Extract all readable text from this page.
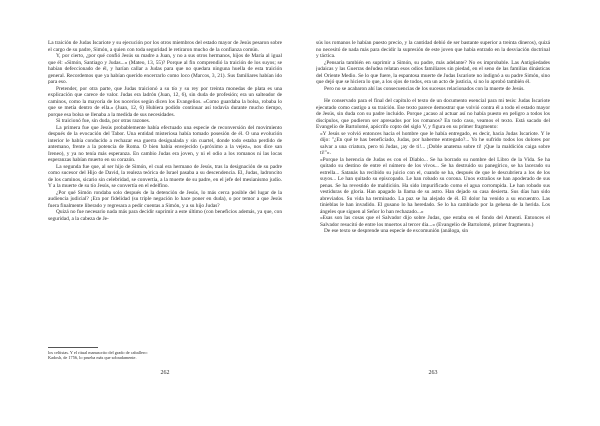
La traición de Judas Iscariote y su ejecución por los otros miembros del estado mayor de Jesús pesaron sobre el cargo de su padre, Simón, a quien con toda seguridad le retiraron mucho de la confianza común.

Y, por cierto, ¿por qué confió Jesús su madre a Juan, y no a sus otros hermanos, hijos de María al igual que él: «Simón, Santiago y Judas...» (Mateo, 13, 55)? Porque al fin comprendió la traición de los suyos; se habían defeccionado de él, y harían callar a Judas para que no quedara ninguna huella de esta traición general. Recordemos que ya habían querido encerrarlo como loco (Marcos, 3, 21). Sus familiares habían ido para eso.

Pretender, por otra parte, que Judas traicionó a su tío y su rey por treinta monedas de plata es una explicación que carece de valor. Judas era ladrón (Juan, 12, 6), sin duda de profesión; era un salteador de caminos, como la mayoría de los nocerios según dicen los Evangelios. «Como guardaba la bolsa, robaba lo que se metía dentro de ella.» (Juan, 12, 6) Hubiera podido continuar así todavía durante mucho tiempo, porque esa bolsa se llenaba a la medida de sus necesidades.

Si traicionó fue, sin duda, por otras razones.

La primera fue que Jesús probablemente había efectuado una especie de reconversión del movimiento después de la evocación del Tabor. Una entidad misteriosa había tomado posesión de él. O una evolución interior le había conducido a rechazar esa guerra desigualada y sin cuartel, donde todo estaba perdido de antemano, frente a la potencia de Roma. O bien había envejecido («próximo a la vejez», nos dice san Ireneo), y ya no tenía más esperanza. En cambio Judas era joven, y ni el odio a los romanos ni las locas esperanzas habían muerto en su corazón.

La segunda fue que, al ser hijo de Simón, el cual era hermano de Jesús, tras la designación de su padre como sucesor del Hijo de David, la realeza teórica de Israel pasaba a su descendencia. El, Judas, ladroncito de los caminos, sicario sin celebridad, se convertía, a la muerte de su padre, en el jefe del mesianismo judío. Y a la muerte de su tío Jesús, se convertía en el edelfino.

¿Por qué Simón rondaba solo después de la detención de Jesús, lo más cerca posible del lugar de la audiencia judicial? ¡Era por fidelidad (su triple negación lo hace poner en duda), o por temor a que Jesús fuera finalmente liberado y regresara a pedir cuentas a Simón, y a su hijo Judas?

Quizá no fue necesario nada más para decidir suprimir a este último (con beneficios además, ya que, con seguridad, a la cabeza de Je-

los celtistas. Y el ritual manuscrito del grado de caballero:
Kadosh, de 1756, lo prueba más que sobradamente.
262

sús los romanos le habían puesto precio, y la cantidad debió de ser bastante superior a treinta dineros), quizá no necesitó de nada más para decidir la supresión de este joven que había entrado en la desviación doctrinal y táctica.

¿Pensaría también en suprimir a Simón, su padre, más adelante? No es improbable. Las Antigüedades judaicas y las Guerras deJudea relatan esos odios familiares sin piedad, en el seno de las familias dinásticas del Oriente Medio. Se lo que fuere, la espantosa muerte de Judas Iscariote no indignó a su padre Simón, sino que dejó que se hiciera lo que, a los ojos de todos, era un acto de justicia, si no lo aprobó también él.

Pero no se acabaron ahí las consecuencias de los sucesos relacionados con la muerte de Jesús.

He conservado para el final del capítulo el texto de un documento esencial para mi tesis: Judas Iscariote ejecutado como castigo a su traición. Ese texto parece demostrar que volvió contra él a todo el estado mayor de Jesús, sin duda con su padre incluido. Porque ¿acaso al actuar así no había puesto en peligro a todos los discípulos, que pudieron ser apresados por los romanos? En todo caso, veamos el texto. Está sacado del Evangelio de Bartolomé, apócrifo copto del siglo V, y figura en su primer fragmento:

«Y Jesús se volvió entonces hacia el hombre que le había entregado, es decir, hacia Judas Iscariote. Y le dijo: "¿En qué te has beneficiado, Judas, por haberme entregado?... Yo he sufrido todos los dolores por salvar a una criatura, pero tú Judas, ¡ay de ti!... ¡Doble anatema sobre ti! ¡Que la maldición caiga sobre ti!"».

«Porque la herencia de Judas es con el Diablo... Se ha borrado su nombre del Libro de la Vida. Se ha quitado su destino de entre el número de los vivos... Se ha destruido su panegírico, se ha lacerado su estrella... Satanás ha recibido su juicio con el, cuando se ha, después de que le descubriera a los de los suyos... Le han quitado su episcopado. Le han robado su corona. Unos extraños se han apoderado de sus penas. Se ha revestido de maldición. Ha sido impurificado como el agua corrompida. Le han robado sus vestiduras de gloria. Han apagado la llama de su astro. Han dejado su casa desierta. Sus días han sido abreviados. Su vida ha terminado. La paz se ha alejado de él. El dolor ha venido a su encuentro. Las tinieblas le han invadido. El gusano lo ha heredado. Se lo ha cambiado por la gehena de la herida. Los ángeles que siguen al Señor lo han rechazado...»

«Esas son las cosas que el Salvador dijo sobre Judas, que estaba en el fondo del Amenti. Entonces el Salvador resucitó de entre los muertos al tercer día...» (Evangelio de Bartolomé, primer fragmento.)

De ese texto se desprende una especie de excomunión (análoga, sin

263
